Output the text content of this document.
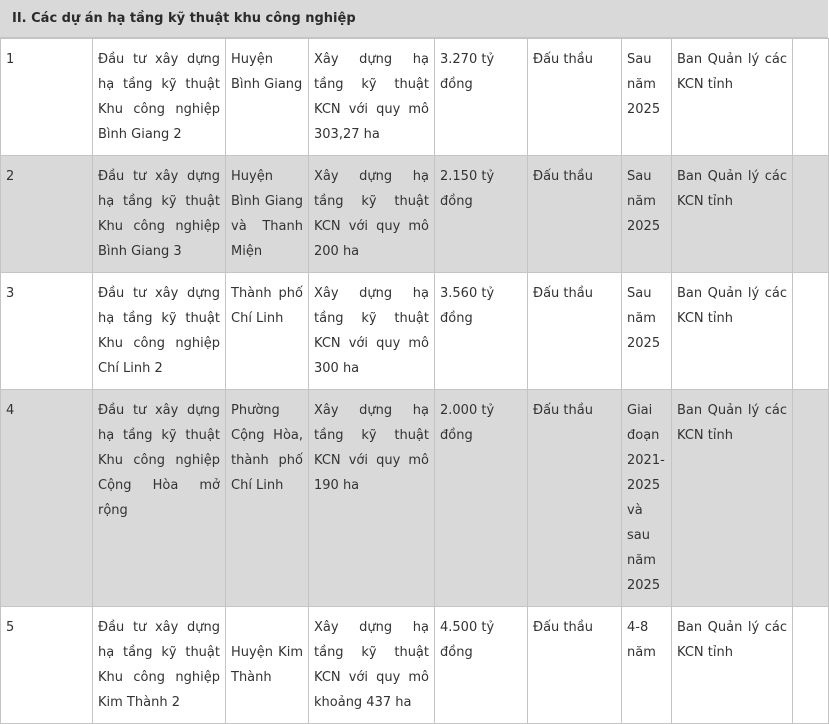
II. Các dự án hạ tầng kỹ thuật khu công nghiệp
1	Đầu tư xây dựng hạ tầng kỹ thuật Khu công nghiệp Bình Giang 2	Huyện Bình Giang	Xây dựng hạ tầng kỹ thuật KCN với quy mô 303,27 ha	3.270 tỷ đồng	Đấu thầu	Sau năm 2025	Ban Quản lý các KCN tỉnh	
2	Đầu tư xây dựng hạ tầng kỹ thuật Khu công nghiệp Bình Giang 3	Huyện Bình Giang và Thanh Miện	Xây dựng hạ tầng kỹ thuật KCN với quy mô 200 ha	2.150 tỷ đồng	Đấu thầu	Sau năm 2025	Ban Quản lý các KCN tỉnh	
3	Đầu tư xây dựng hạ tầng kỹ thuật Khu công nghiệp Chí Linh 2	Thành phố Chí Linh	Xây dựng hạ tầng kỹ thuật KCN với quy mô 300 ha	3.560 tỷ đồng	Đấu thầu	Sau năm 2025	Ban Quản lý các KCN tỉnh	
4	Đầu tư xây dựng hạ tầng kỹ thuật Khu công nghiệp Cộng Hòa mở rộng	Phường Cộng Hòa, thành phố Chí Linh	Xây dựng hạ tầng kỹ thuật KCN với quy mô 190 ha	2.000 tỷ đồng	Đấu thầu	Giai đoạn 2021-2025 và sau năm 2025	Ban Quản lý các KCN tỉnh	
5	Đầu tư xây dựng hạ tầng kỹ thuật Khu công nghiệp Kim Thành 2	Huyện Kim Thành	Xây dựng hạ tầng kỹ thuật KCN với quy mô khoảng 437 ha	4.500 tỷ đồng	Đấu thầu	4-8 năm	Ban Quản lý các KCN tỉnh	
